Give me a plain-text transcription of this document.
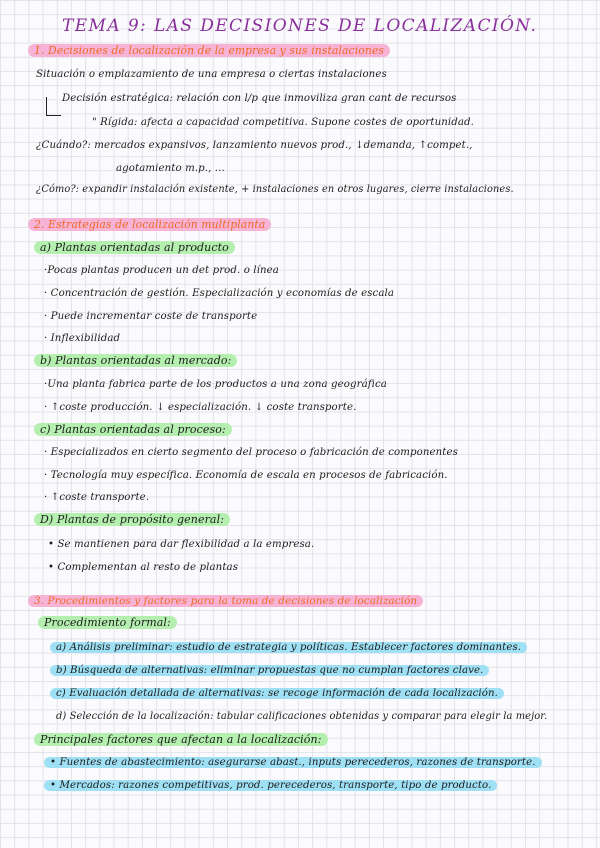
TEMA 9: LAS DECISIONES DE LOCALIZACIÓN.
1. Decisiones de localización de la empresa y sus instalaciones
Situación o emplazamiento de una empresa o ciertas instalaciones
Decisión estratégica: relación con l/p que inmoviliza gran cant de recursos
" Rígida: afecta a capacidad competitiva. Supone costes de oportunidad.
¿Cuándo?: mercados expansivos, lanzamiento nuevos prod., ↓demanda, ↑compet.,
agotamiento m.p., ...
¿Cómo?: expandir instalación existente, + instalaciones en otros lugares, cierre instalaciones.
2. Estrategias de localización multiplanta
a) Plantas orientadas al producto
·Pocas plantas producen un det prod. o línea
· Concentración de gestión. Especialización y economías de escala
· Puede incrementar coste de transporte
· Inflexibilidad
b) Plantas orientadas al mercado:
·Una planta fabrica parte de los productos a una zona geográfica
· ↑coste producción. ↓ especialización. ↓ coste transporte.
c) Plantas orientadas al proceso:
· Especializados en cierto segmento del proceso o fabricación de componentes
· Tecnología muy específica. Economía de escala en procesos de fabricación.
· ↑coste transporte.
D) Plantas de propósito general:
• Se mantienen para dar flexibilidad a la empresa.
• Complementan al resto de plantas
3. Procedimientos y factores para la toma de decisiones de localización
Procedimiento formal:
a) Análisis preliminar: estudio de estrategia y políticas. Establecer factores dominantes.
b) Búsqueda de alternativas: eliminar propuestas que no cumplan factores clave.
c) Evaluación detallada de alternativas: se recoge información de cada localización.
d) Selección de la localización: tabular calificaciones obtenidas y comparar para elegir la mejor.
Principales factores que afectan a la localización:
• Fuentes de abastecimiento: asegurarse abast., inputs perecederos, razones de transporte.
• Mercados: razones competitivas, prod. perecederos, transporte, tipo de producto.
